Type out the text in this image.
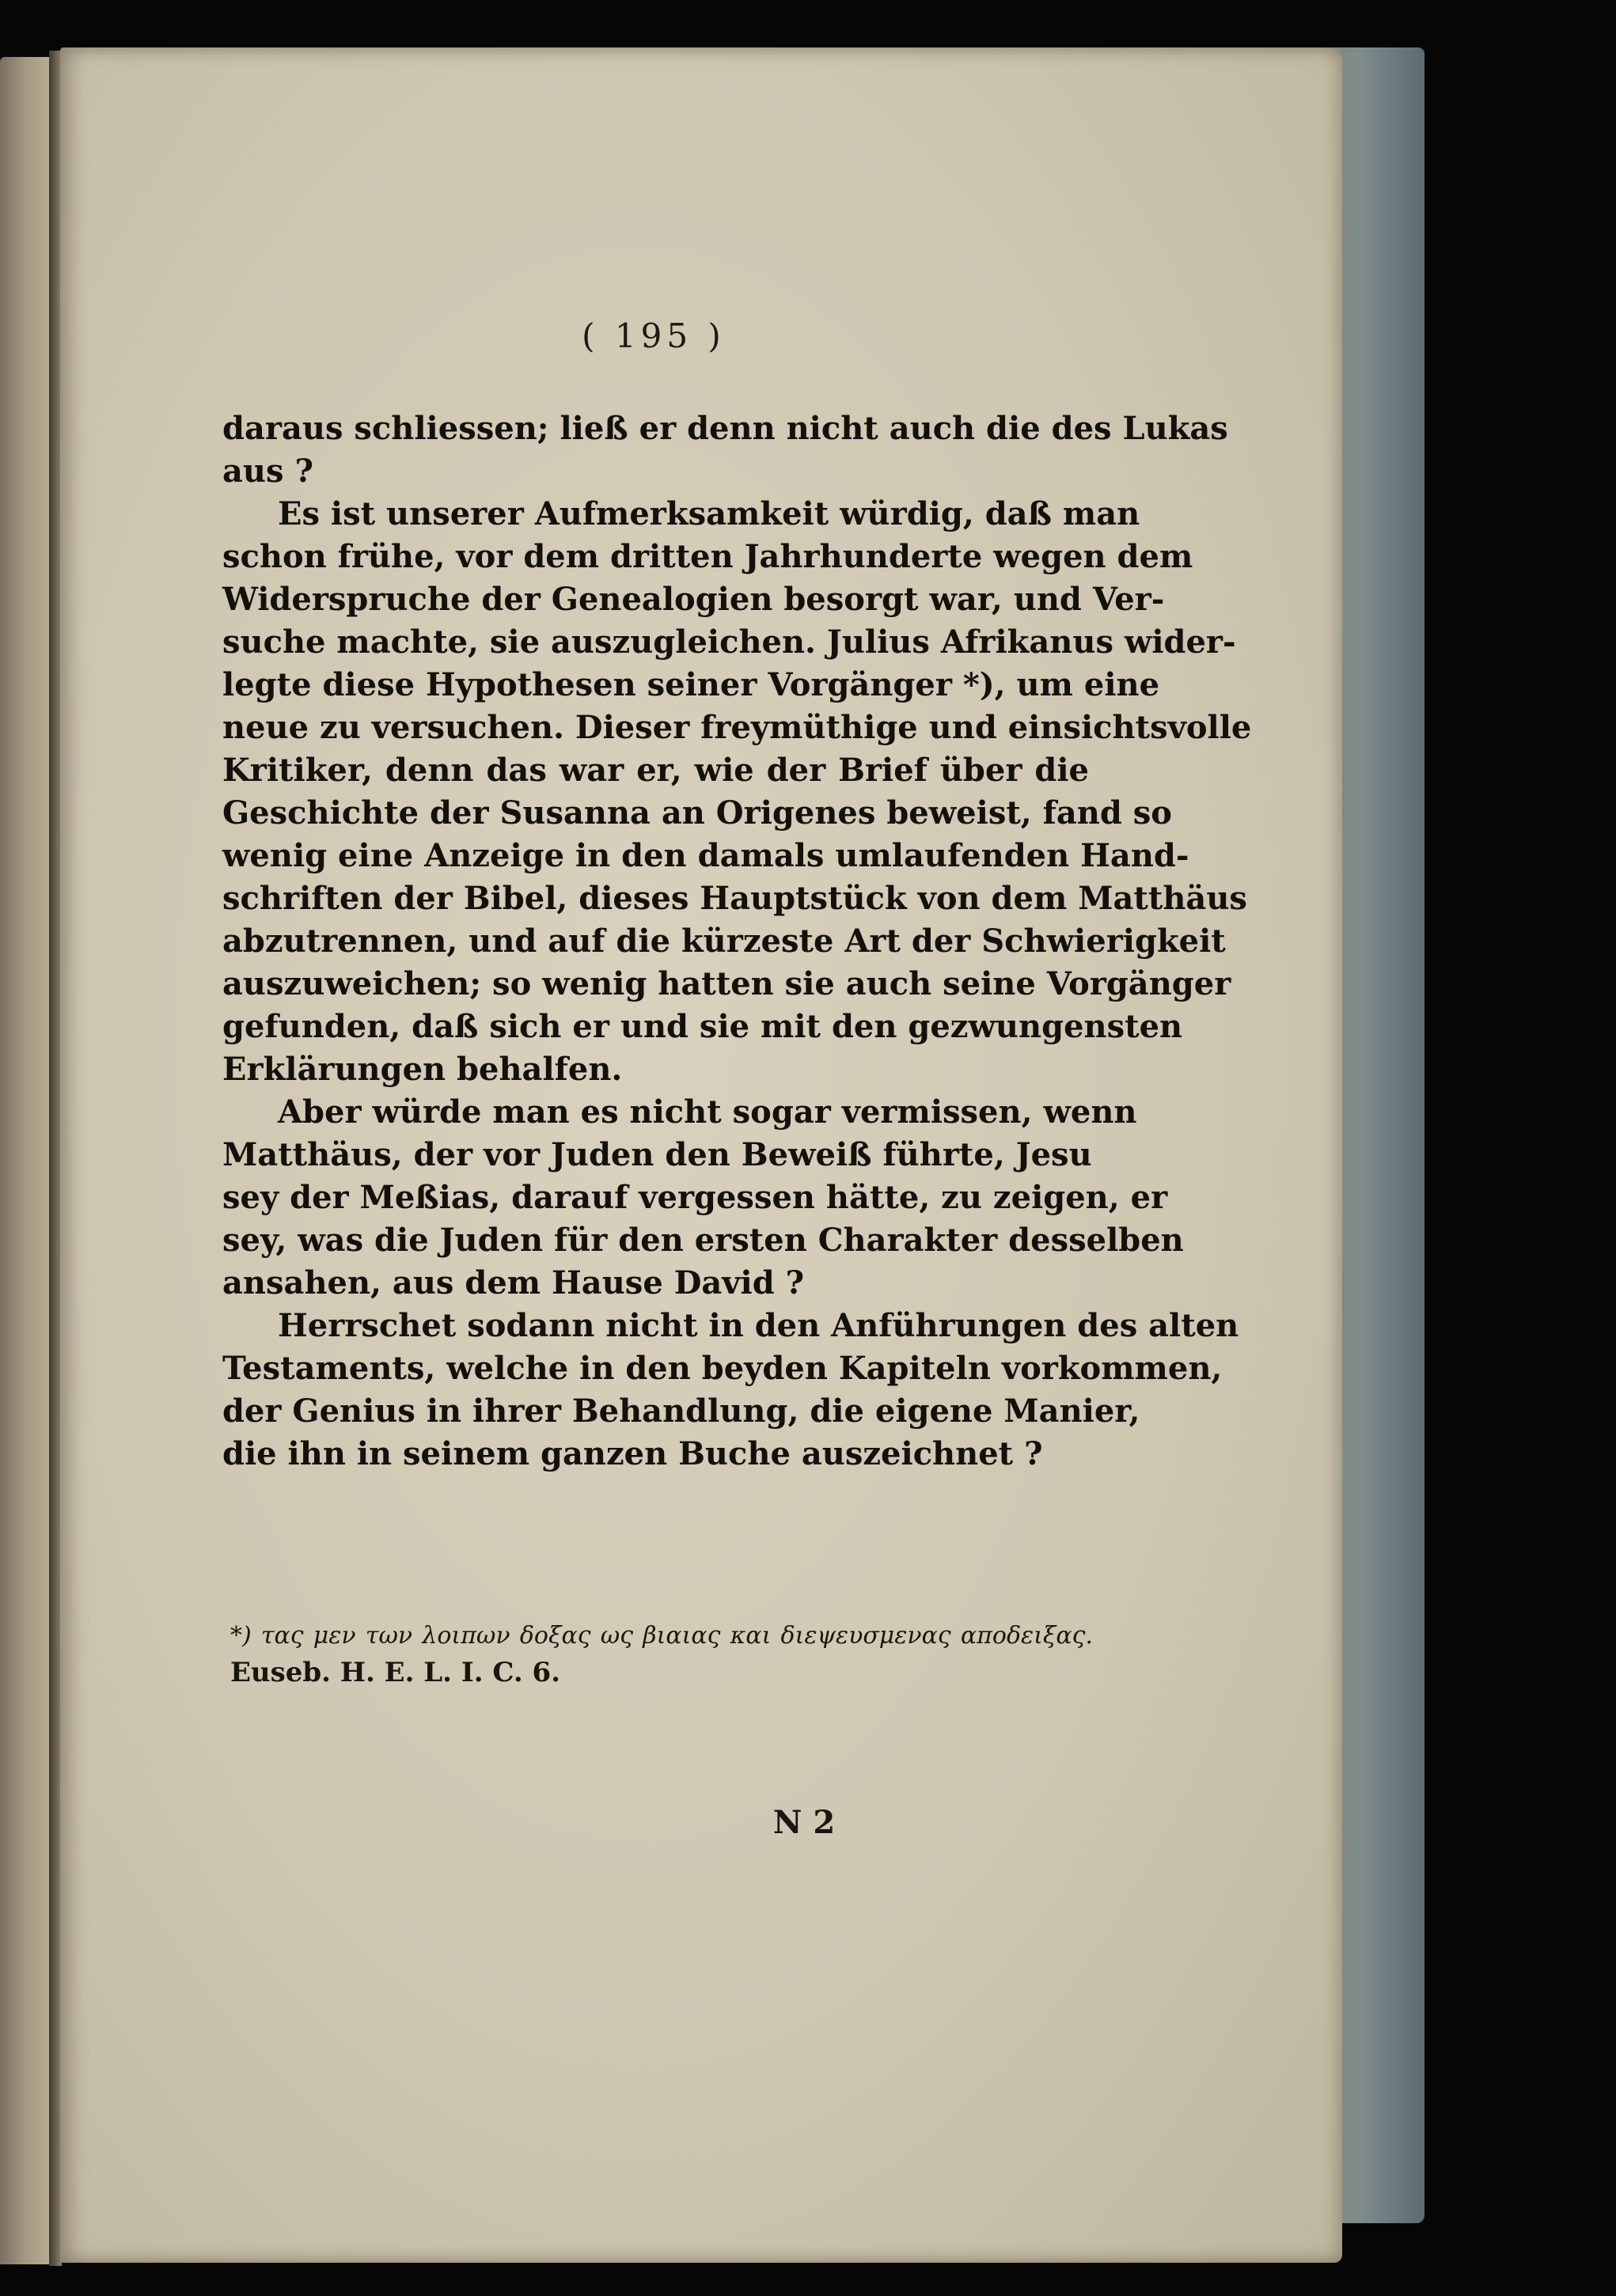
( 195 )
daraus schliessen; ließ er denn nicht auch die des Lukas
aus ?
Es ist unserer Aufmerksamkeit würdig, daß man
schon frühe, vor dem dritten Jahrhunderte wegen dem
Widerspruche der Genealogien besorgt war, und Ver-
suche machte, sie auszugleichen. Julius Afrikanus wider-
legte diese Hypothesen seiner Vorgänger *), um eine
neue zu versuchen. Dieser freymüthige und einsichtsvolle
Kritiker, denn das war er, wie der Brief über die
Geschichte der Susanna an Origenes beweist, fand so
wenig eine Anzeige in den damals umlaufenden Hand-
schriften der Bibel, dieses Hauptstück von dem Matthäus
abzutrennen, und auf die kürzeste Art der Schwierigkeit
auszuweichen; so wenig hatten sie auch seine Vorgänger
gefunden, daß sich er und sie mit den gezwungensten
Erklärungen behalfen.
Aber würde man es nicht sogar vermissen, wenn
Matthäus, der vor Juden den Beweiß führte, Jesu
sey der Meßias, darauf vergessen hätte, zu zeigen, er
sey, was die Juden für den ersten Charakter desselben
ansahen, aus dem Hause David ?
Herrschet sodann nicht in den Anführungen des alten
Testaments, welche in den beyden Kapiteln vorkommen,
der Genius in ihrer Behandlung, die eigene Manier,
die ihn in seinem ganzen Buche auszeichnet ?
*) τας μεν των λοιπων δοξας ως βιαιας και διεψευσμενας αποδειξας.
Euseb. H. E. L. I. C. 6.
N 2
